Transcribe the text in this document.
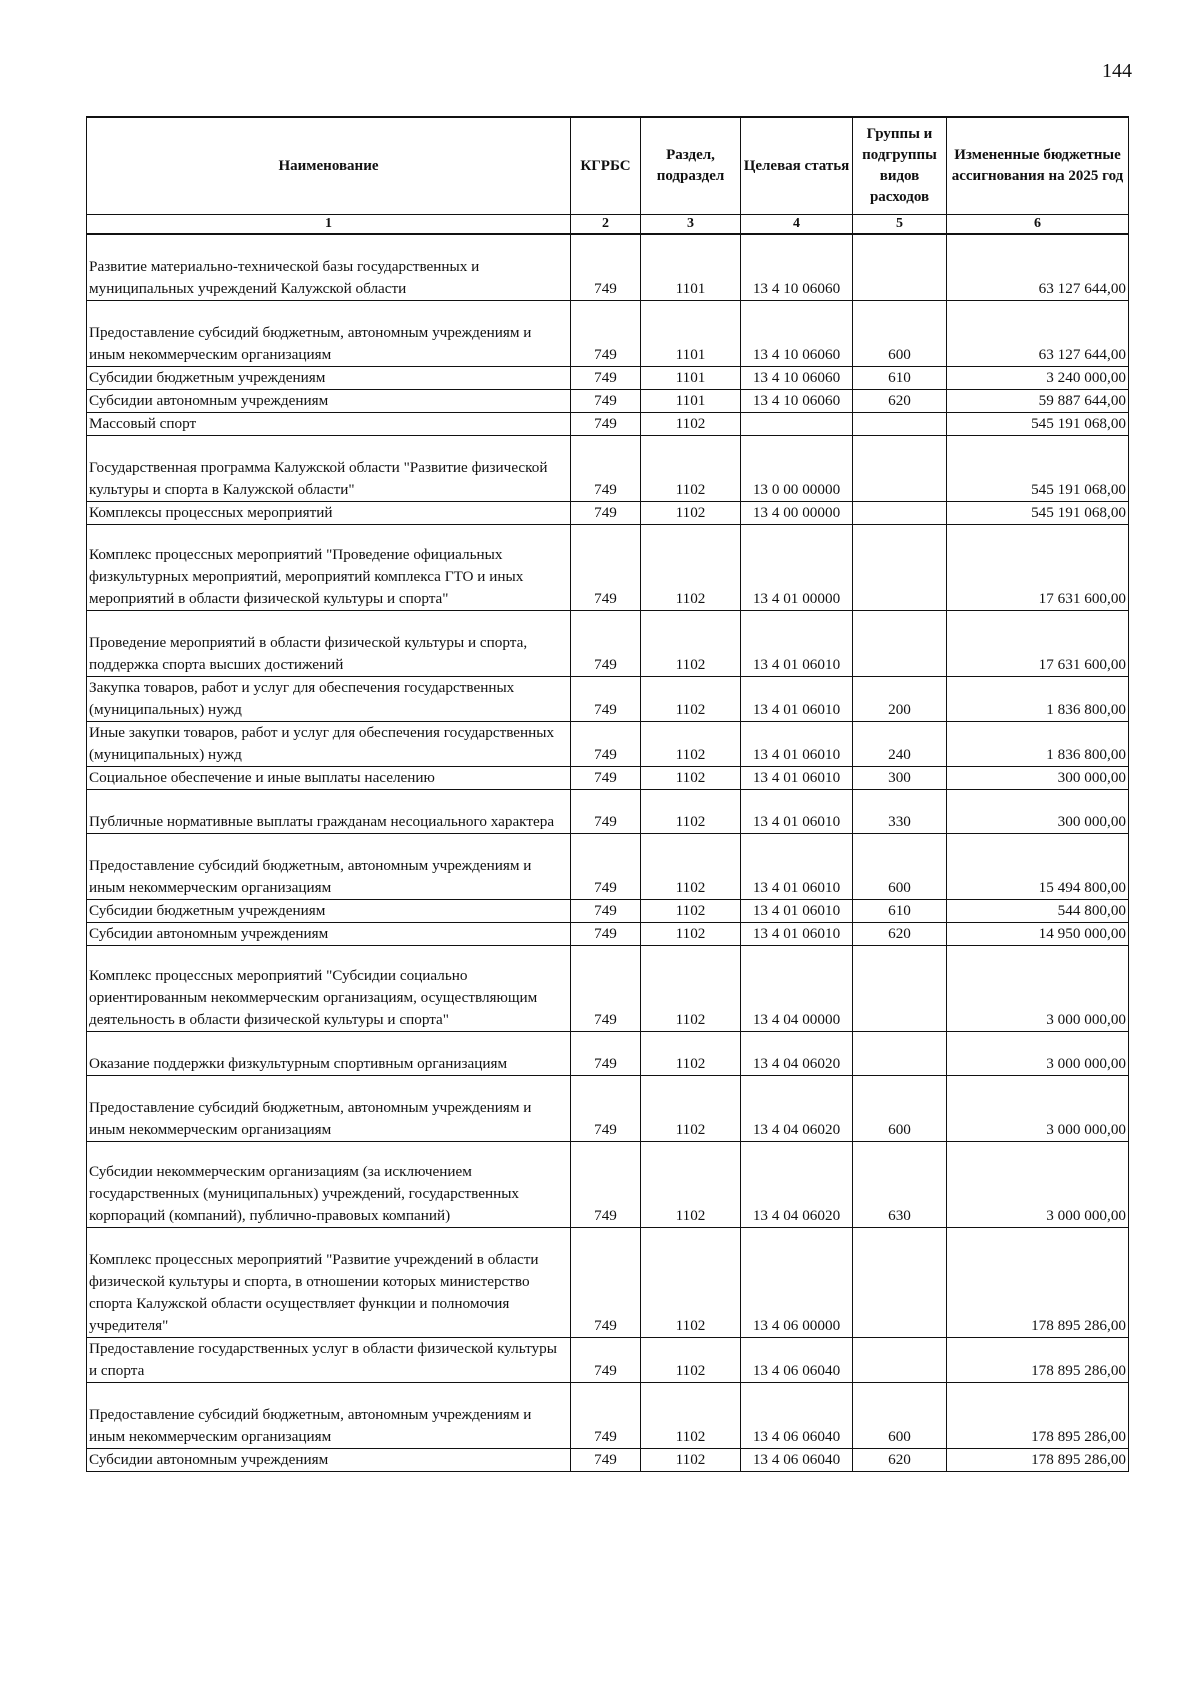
144
Наименование	КГРБС	Раздел, подраздел	Целевая статья	Группы и подгруппы видов расходов	Измененные бюджетные ассигнования на 2025 год
1	2	3	4	5	6
Развитие материально-технической базы государственных и муниципальных учреждений Калужской области	749	1101	13 4 10 06060		63 127 644,00
Предоставление субсидий бюджетным, автономным учреждениям и иным некоммерческим организациям	749	1101	13 4 10 06060	600	63 127 644,00
Субсидии бюджетным учреждениям	749	1101	13 4 10 06060	610	3 240 000,00
Субсидии автономным учреждениям	749	1101	13 4 10 06060	620	59 887 644,00
Массовый спорт	749	1102			545 191 068,00
Государственная программа Калужской области "Развитие физической культуры и спорта в Калужской области"	749	1102	13 0 00 00000		545 191 068,00
Комплексы процессных мероприятий	749	1102	13 4 00 00000		545 191 068,00
Комплекс процессных мероприятий "Проведение официальных физкультурных мероприятий, мероприятий комплекса ГТО и иных мероприятий в области физической культуры и спорта"	749	1102	13 4 01 00000		17 631 600,00
Проведение мероприятий в области физической культуры и спорта, поддержка спорта высших достижений	749	1102	13 4 01 06010		17 631 600,00
Закупка товаров, работ и услуг для обеспечения государственных (муниципальных) нужд	749	1102	13 4 01 06010	200	1 836 800,00
Иные закупки товаров, работ и услуг для обеспечения государственных (муниципальных) нужд	749	1102	13 4 01 06010	240	1 836 800,00
Социальное обеспечение и иные выплаты населению	749	1102	13 4 01 06010	300	300 000,00
Публичные нормативные выплаты гражданам несоциального характера	749	1102	13 4 01 06010	330	300 000,00
Предоставление субсидий бюджетным, автономным учреждениям и иным некоммерческим организациям	749	1102	13 4 01 06010	600	15 494 800,00
Субсидии бюджетным учреждениям	749	1102	13 4 01 06010	610	544 800,00
Субсидии автономным учреждениям	749	1102	13 4 01 06010	620	14 950 000,00
Комплекс процессных мероприятий "Субсидии социально ориентированным некоммерческим организациям, осуществляющим деятельность в области физической культуры и спорта"	749	1102	13 4 04 00000		3 000 000,00
Оказание поддержки физкультурным спортивным организациям	749	1102	13 4 04 06020		3 000 000,00
Предоставление субсидий бюджетным, автономным учреждениям и иным некоммерческим организациям	749	1102	13 4 04 06020	600	3 000 000,00
Субсидии некоммерческим организациям (за исключением государственных (муниципальных) учреждений, государственных корпораций (компаний), публично-правовых компаний)	749	1102	13 4 04 06020	630	3 000 000,00
Комплекс процессных мероприятий "Развитие учреждений в области физической культуры и спорта, в отношении которых министерство спорта Калужской области осуществляет функции и полномочия учредителя"	749	1102	13 4 06 00000		178 895 286,00
Предоставление государственных услуг в области физической культуры и спорта	749	1102	13 4 06 06040		178 895 286,00
Предоставление субсидий бюджетным, автономным учреждениям и иным некоммерческим организациям	749	1102	13 4 06 06040	600	178 895 286,00
Субсидии автономным учреждениям	749	1102	13 4 06 06040	620	178 895 286,00
